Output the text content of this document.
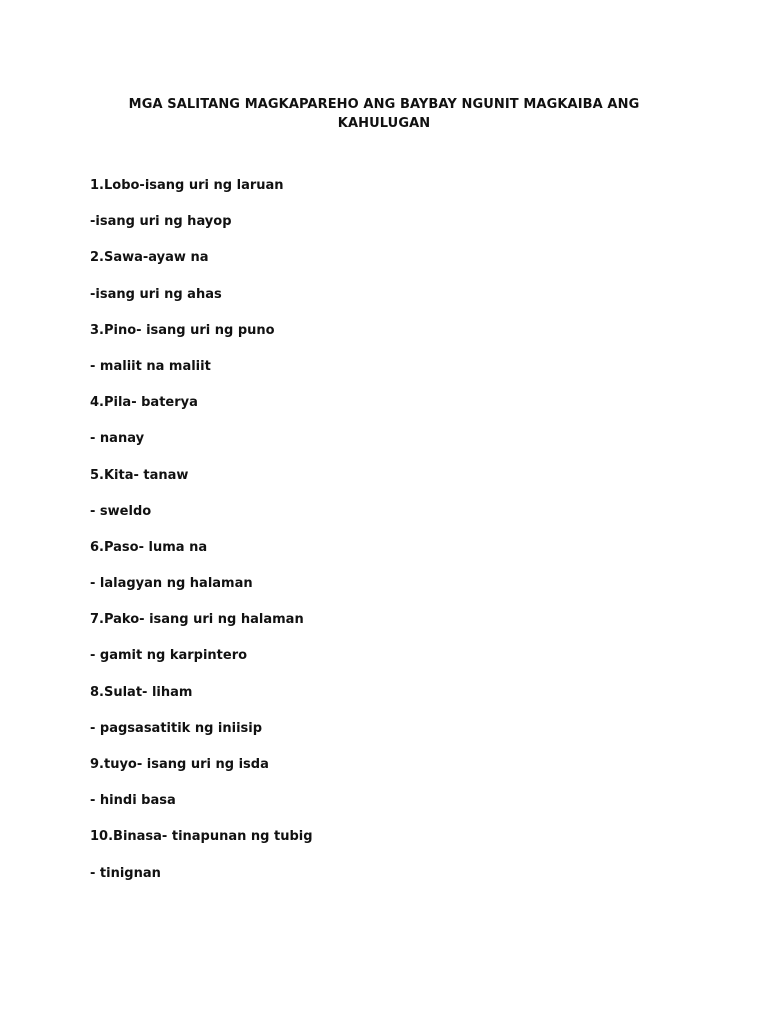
MGA SALITANG MAGKAPAREHO ANG BAYBAY NGUNIT MAGKAIBA ANG
KAHULUGAN
1.Lobo-isang uri ng laruan
-isang uri ng hayop
2.Sawa-ayaw na
-isang uri ng ahas
3.Pino- isang uri ng puno
- maliit na maliit
4.Pila- baterya
- nanay
5.Kita- tanaw
- sweldo
6.Paso- luma na
- lalagyan ng halaman
7.Pako- isang uri ng halaman
- gamit ng karpintero
8.Sulat- liham
- pagsasatitik ng iniisip
9.tuyo- isang uri ng isda
- hindi basa
10.Binasa- tinapunan ng tubig
- tinignan
